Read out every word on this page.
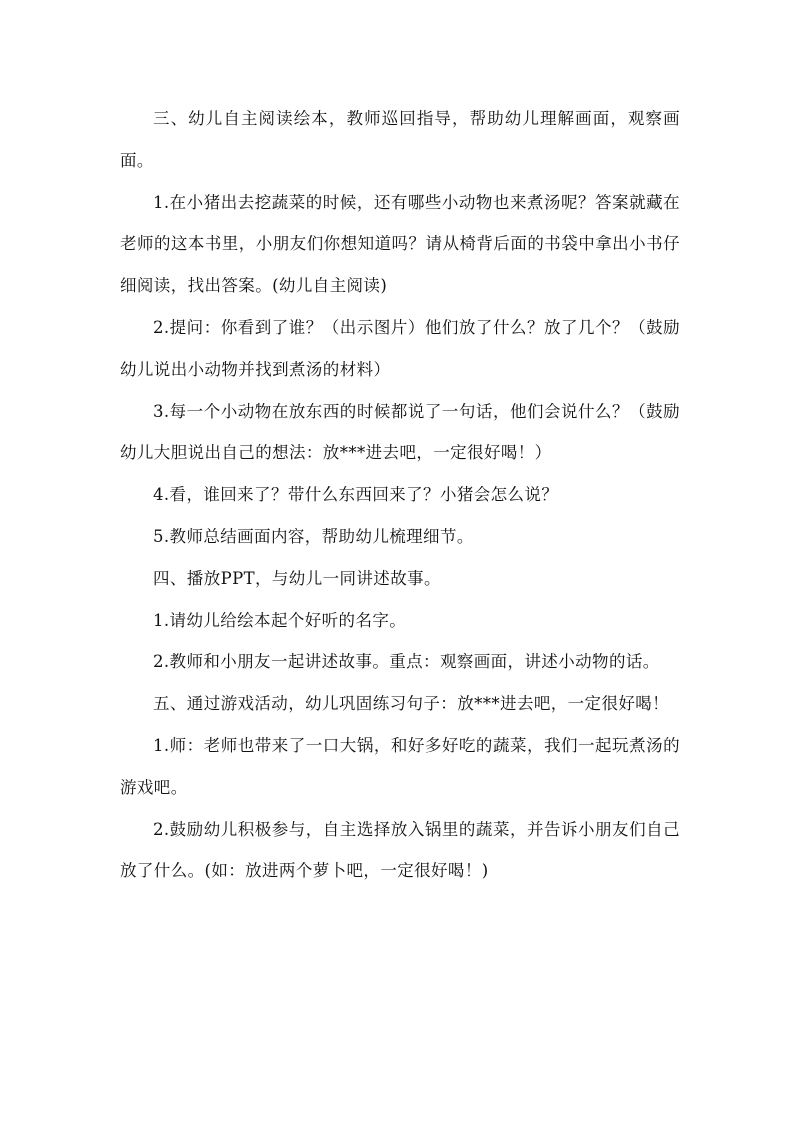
三、幼儿自主阅读绘本，教师巡回指导，帮助幼儿理解画面，观察画面。

1.在小猪出去挖蔬菜的时候，还有哪些小动物也来煮汤呢？答案就藏在老师的这本书里，小朋友们你想知道吗？请从椅背后面的书袋中拿出小书仔细阅读，找出答案。(幼儿自主阅读)

2.提问：你看到了谁？（出示图片）他们放了什么？放了几个？（鼓励幼儿说出小动物并找到煮汤的材料）

3.每一个小动物在放东西的时候都说了一句话，他们会说什么？（鼓励幼儿大胆说出自己的想法：放***进去吧，一定很好喝！）

4.看，谁回来了？带什么东西回来了？小猪会怎么说？

5.教师总结画面内容，帮助幼儿梳理细节。

四、播放PPT，与幼儿一同讲述故事。

1.请幼儿给绘本起个好听的名字。

2.教师和小朋友一起讲述故事。重点：观察画面，讲述小动物的话。

五、通过游戏活动，幼儿巩固练习句子：放***进去吧，一定很好喝！

1.师：老师也带来了一口大锅，和好多好吃的蔬菜，我们一起玩煮汤的游戏吧。

2.鼓励幼儿积极参与，自主选择放入锅里的蔬菜，并告诉小朋友们自己放了什么。(如：放进两个萝卜吧，一定很好喝！)
